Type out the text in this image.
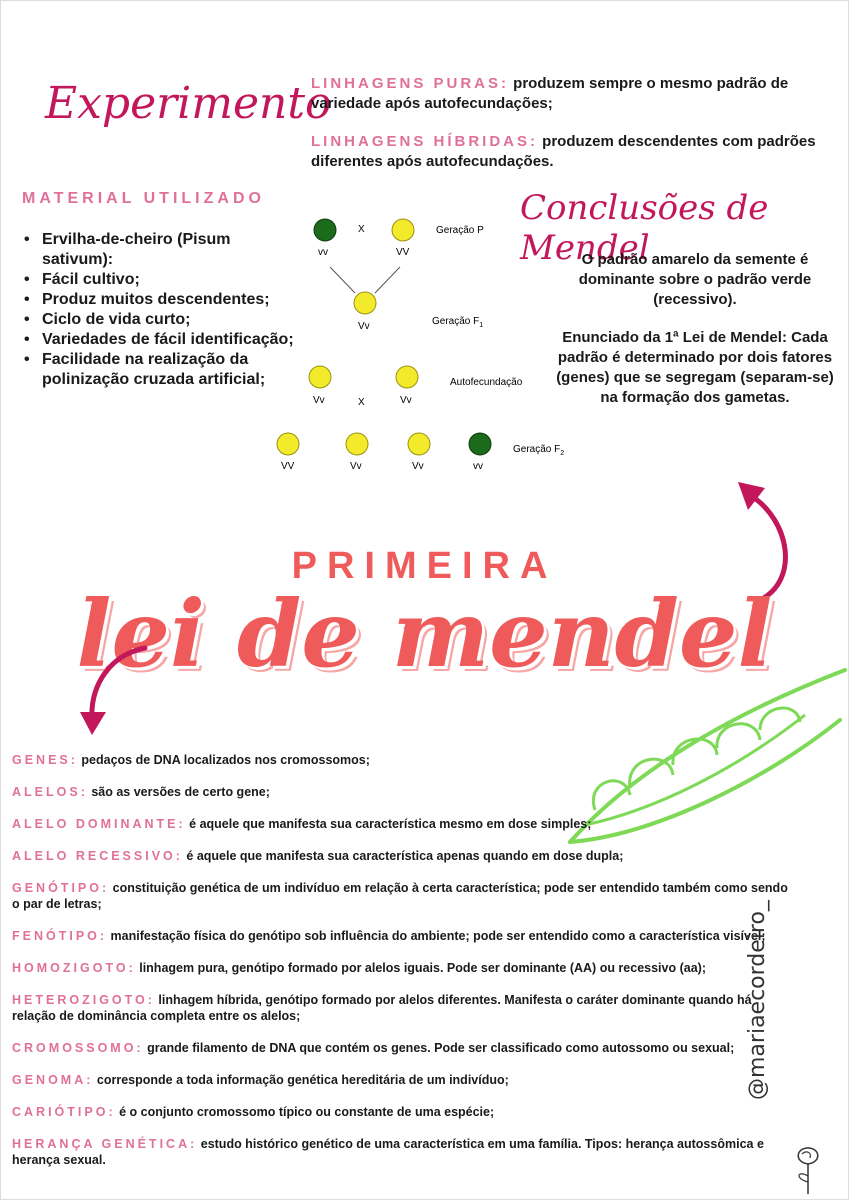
Experimento

LINHAGENS PURAS: produzem sempre o mesmo padrão de variedade após autofecundações;

LINHAGENS HÍBRIDAS: produzem descendentes com padrões diferentes após autofecundações.

MATERIAL UTILIZADO
• Ervilha-de-cheiro (Pisum sativum):
• Fácil cultivo;
• Produz muitos descendentes;
• Ciclo de vida curto;
• Variedades de fácil identificação;
• Facilidade na realização da polinização cruzada artificial;
vv
X
VV
Geração P
Vv	Geração $F_1$
Vv	X	Vv
Autofecundação
VV	Vv	Vv	vv
Geração $F_2$
Conclusões de Mendel

O padrão amarelo da semente é dominante sobre o padrão verde (recessivo).

Enunciado da 1ª Lei de Mendel: Cada padrão é determinado por dois fatores (genes) que se segregam (separam-se) na formação dos gametas.

PRIMEIRA
lei de mendel

GENES: pedaços de DNA localizados nos cromossomos;

ALELOS: são as versões de certo gene;

ALELO DOMINANTE: é aquele que manifesta sua característica mesmo em dose simples;

ALELO RECESSIVO: é aquele que manifesta sua característica apenas quando em dose dupla;

GENÓTIPO: constituição genética de um indivíduo em relação à certa característica; pode ser entendido também como sendo o par de letras;

FENÓTIPO: manifestação física do genótipo sob influência do ambiente; pode ser entendido como a característica visível;

HOMOZIGOTO: linhagem pura, genótipo formado por alelos iguais. Pode ser dominante (AA) ou recessivo (aa);

HETEROZIGOTO: linhagem híbrida, genótipo formado por alelos diferentes. Manifesta o caráter dominante quando há relação de dominância completa entre os alelos;

CROMOSSOMO: grande filamento de DNA que contém os genes. Pode ser classificado como autossomo ou sexual;

GENOMA: corresponde a toda informação genética hereditária de um indivíduo;

CARIÓTIPO: é o conjunto cromossomo típico ou constante de uma espécie;

HERANÇA GENÉTICA: estudo histórico genético de uma característica em uma família. Tipos: herança autossômica e herança sexual.

@mariaecordeiro_
